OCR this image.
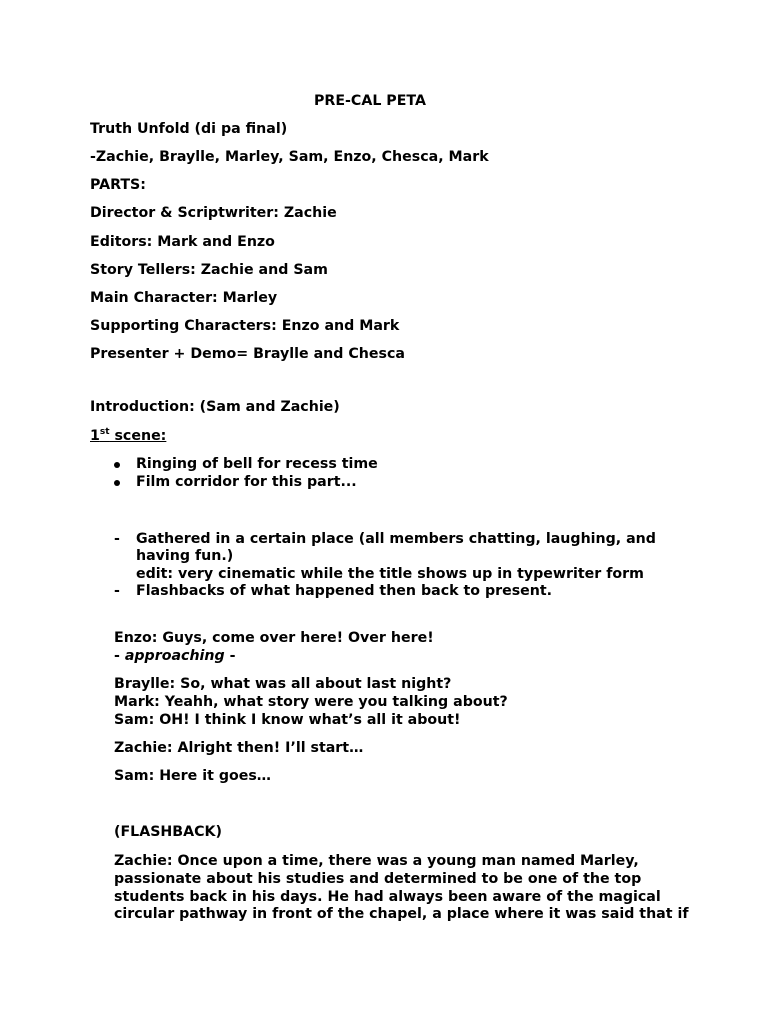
PRE-CAL PETA
Truth Unfold (di pa final)
-Zachie, Braylle, Marley, Sam, Enzo, Chesca, Mark
PARTS:
Director & Scriptwriter: Zachie
Editors: Mark and Enzo
Story Tellers: Zachie and Sam
Main Character: Marley
Supporting Characters: Enzo and Mark
Presenter + Demo= Braylle and Chesca
Introduction: (Sam and Zachie)
1st scene:
Ringing of bell for recess time
Film corridor for this part...
- Gathered in a certain place (all members chatting, laughing, and
having fun.)
edit: very cinematic while the title shows up in typewriter form
- Flashbacks of what happened then back to present.
Enzo: Guys, come over here! Over here!
- approaching -
Braylle: So, what was all about last night?
Mark: Yeahh, what story were you talking about?
Sam: OH! I think I know what’s all it about!
Zachie: Alright then! I’ll start…
Sam: Here it goes…
(FLASHBACK)
Zachie: Once upon a time, there was a young man named Marley,
passionate about his studies and determined to be one of the top
students back in his days. He had always been aware of the magical
circular pathway in front of the chapel, a place where it was said that if
